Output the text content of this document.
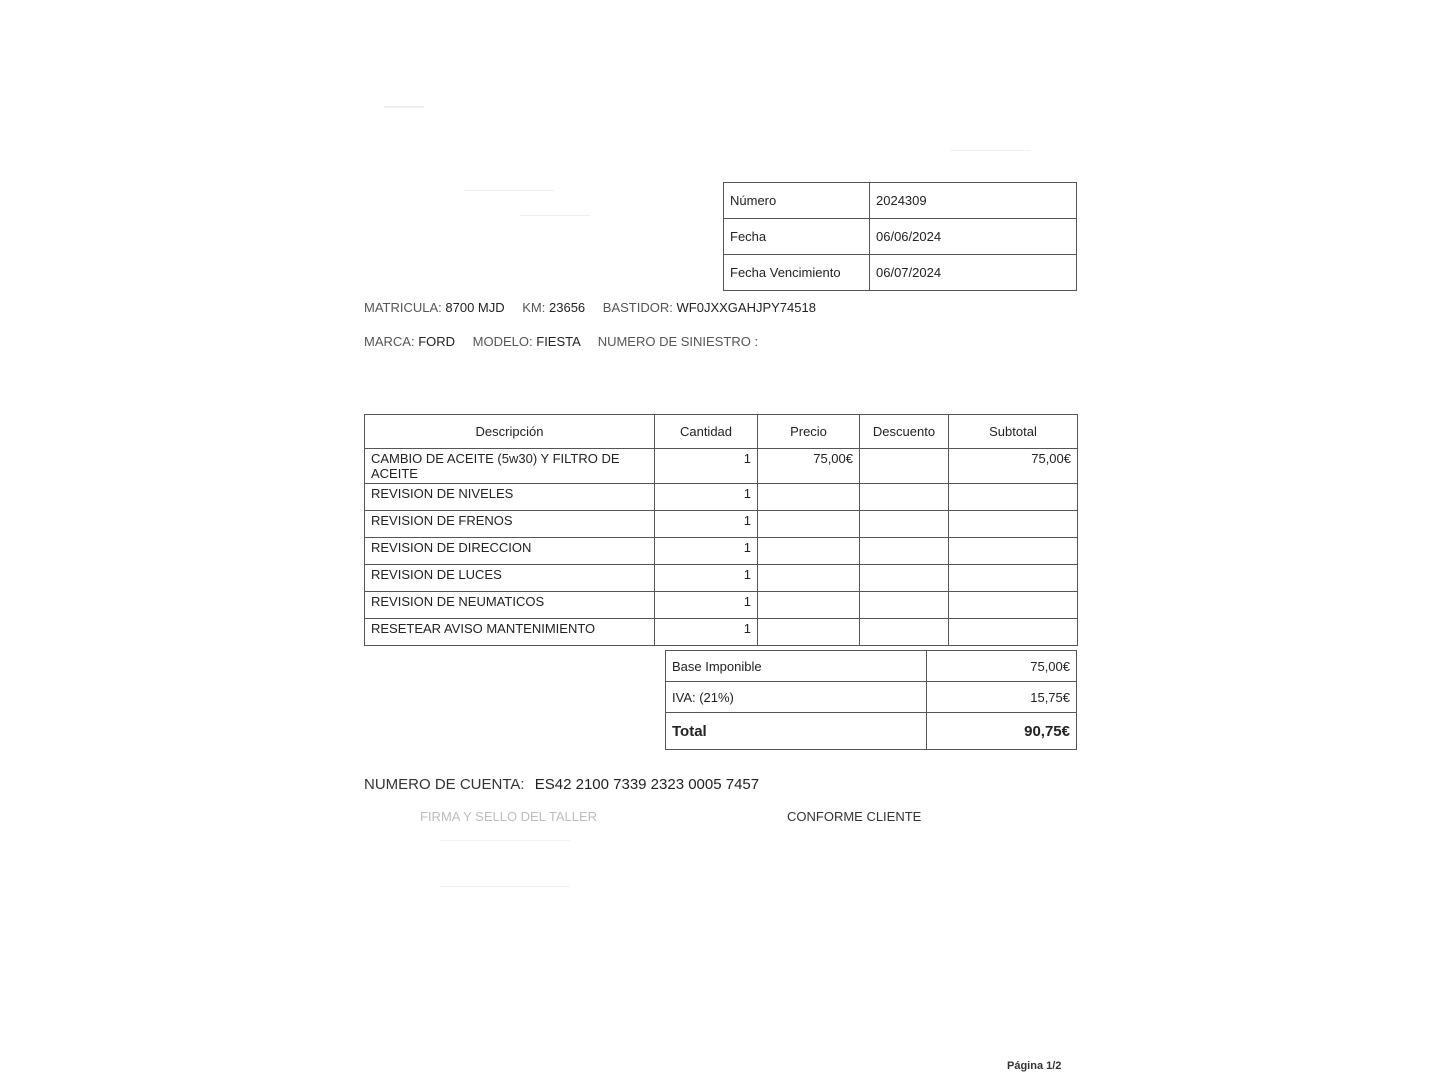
Número	2024309
Fecha	06/06/2024
Fecha Vencimiento	06/07/2024
MATRICULA: 8700 MJD KM: 23656 BASTIDOR: WF0JXXGAHJPY74518
MARCA: FORD MODELO: FIESTA NUMERO DE SINIESTRO :
Descripción	Cantidad	Precio	Descuento	Subtotal
CAMBIO DE ACEITE (5w30) Y FILTRO DE ACEITE	1	75,00€		75,00€
REVISION DE NIVELES	1			
REVISION DE FRENOS	1			
REVISION DE DIRECCION	1			
REVISION DE LUCES	1			
REVISION DE NEUMATICOS	1			
RESETEAR AVISO MANTENIMIENTO	1			
Base Imponible	75,00€
IVA: (21%)	15,75€
Total	90,75€
NUMERO DE CUENTA: ES42 2100 7339 2323 0005 7457
FIRMA Y SELLO DEL TALLER	CONFORME CLIENTE
Página 1/2
